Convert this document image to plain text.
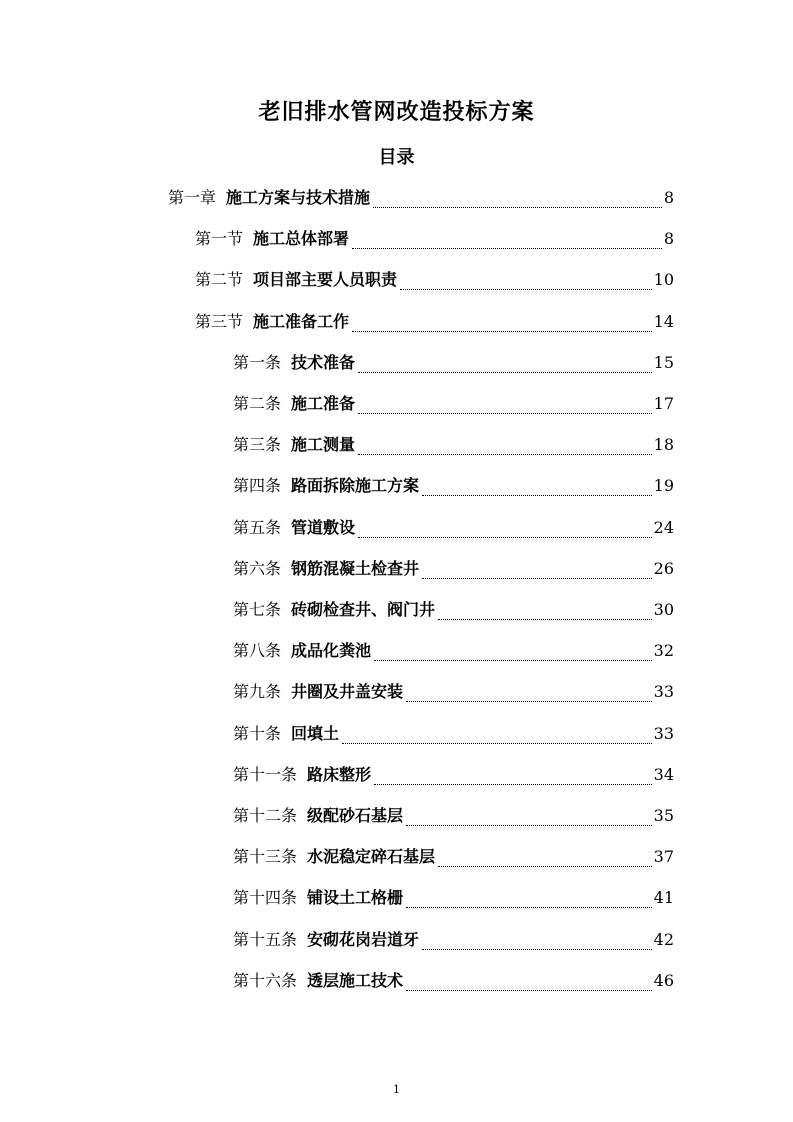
老旧排水管网改造投标方案
目录
第一章 施工方案与技术措施	8
第一节 施工总体部署	8
第二节 项目部主要人员职责	10
第三节 施工准备工作	14
第一条 技术准备	15
第二条 施工准备	17
第三条 施工测量	18
第四条 路面拆除施工方案	19
第五条 管道敷设	24
第六条 钢筋混凝土检查井	26
第七条 砖砌检查井、阀门井	30
第八条 成品化粪池	32
第九条 井圈及井盖安装	33
第十条 回填土	33
第十一条 路床整形	34
第十二条 级配砂石基层	35
第十三条 水泥稳定碎石基层	37
第十四条 铺设土工格栅	41
第十五条 安砌花岗岩道牙	42
第十六条 透层施工技术	46
1
